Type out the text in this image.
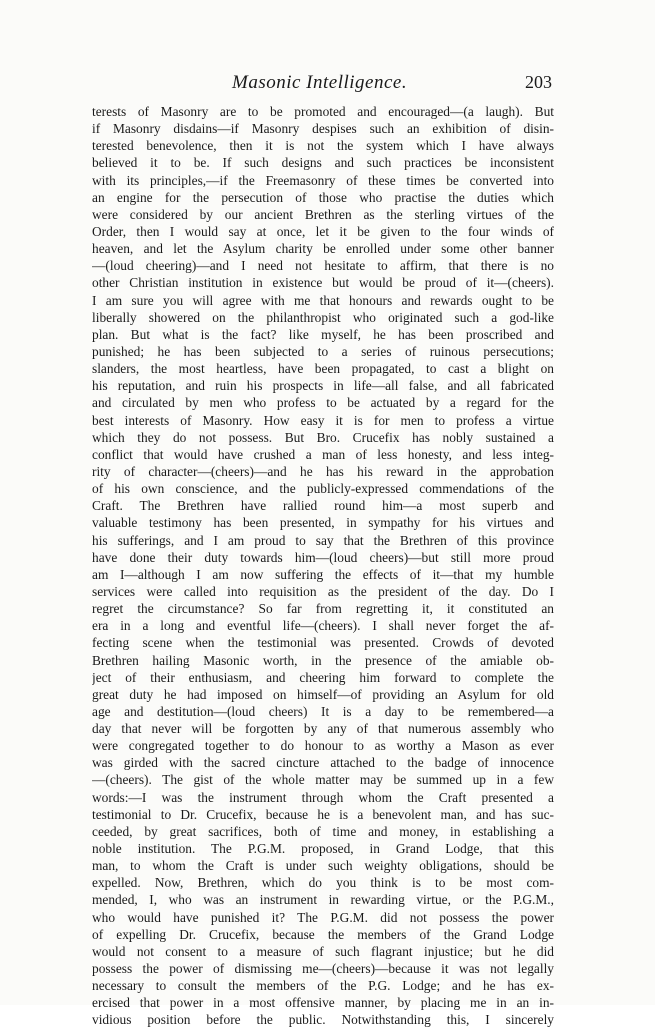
Masonic Intelligence.	203
terests of Masonry are to be promoted and encouraged—(a laugh). But
if Masonry disdains—if Masonry despises such an exhibition of disin-
terested benevolence, then it is not the system which I have always
believed it to be. If such designs and such practices be inconsistent
with its principles,—if the Freemasonry of these times be converted into
an engine for the persecution of those who practise the duties which
were considered by our ancient Brethren as the sterling virtues of the
Order, then I would say at once, let it be given to the four winds of
heaven, and let the Asylum charity be enrolled under some other banner
—(loud cheering)—and I need not hesitate to affirm, that there is no
other Christian institution in existence but would be proud of it—(cheers).
I am sure you will agree with me that honours and rewards ought to be
liberally showered on the philanthropist who originated such a god-like
plan. But what is the fact? like myself, he has been proscribed and
punished; he has been subjected to a series of ruinous persecutions;
slanders, the most heartless, have been propagated, to cast a blight on
his reputation, and ruin his prospects in life—all false, and all fabricated
and circulated by men who profess to be actuated by a regard for the
best interests of Masonry. How easy it is for men to profess a virtue
which they do not possess. But Bro. Crucefix has nobly sustained a
conflict that would have crushed a man of less honesty, and less integ-
rity of character—(cheers)—and he has his reward in the approbation
of his own conscience, and the publicly-expressed commendations of the
Craft. The Brethren have rallied round him—a most superb and
valuable testimony has been presented, in sympathy for his virtues and
his sufferings, and I am proud to say that the Brethren of this province
have done their duty towards him—(loud cheers)—but still more proud
am I—although I am now suffering the effects of it—that my humble
services were called into requisition as the president of the day. Do I
regret the circumstance? So far from regretting it, it constituted an
era in a long and eventful life—(cheers). I shall never forget the af-
fecting scene when the testimonial was presented. Crowds of devoted
Brethren hailing Masonic worth, in the presence of the amiable ob-
ject of their enthusiasm, and cheering him forward to complete the
great duty he had imposed on himself—of providing an Asylum for old
age and destitution—(loud cheers) It is a day to be remembered—a
day that never will be forgotten by any of that numerous assembly who
were congregated together to do honour to as worthy a Mason as ever
was girded with the sacred cincture attached to the badge of innocence
—(cheers). The gist of the whole matter may be summed up in a few
words:—I was the instrument through whom the Craft presented a
testimonial to Dr. Crucefix, because he is a benevolent man, and has suc-
ceeded, by great sacrifices, both of time and money, in establishing a
noble institution. The P.G.M. proposed, in Grand Lodge, that this
man, to whom the Craft is under such weighty obligations, should be
expelled. Now, Brethren, which do you think is to be most com-
mended, I, who was an instrument in rewarding virtue, or the P.G.M.,
who would have punished it? The P.G.M. did not possess the power
of expelling Dr. Crucefix, because the members of the Grand Lodge
would not consent to a measure of such flagrant injustice; but he did
possess the power of dismissing me—(cheers)—because it was not legally
necessary to consult the members of the P.G. Lodge; and he has ex-
ercised that power in a most offensive manner, by placing me in an in-
vidious position before the public. Notwithstanding this, I sincerely
